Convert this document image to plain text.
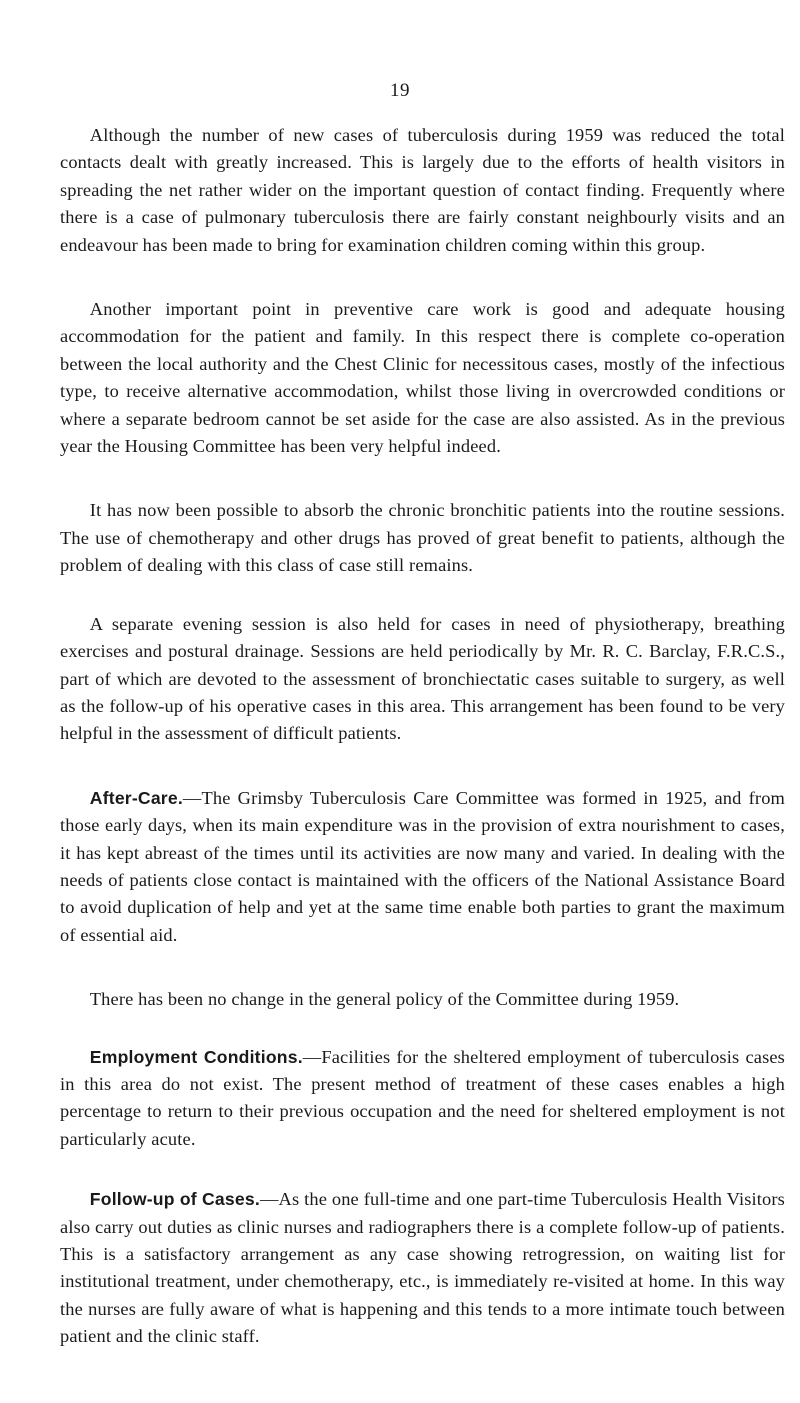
19

Although the number of new cases of tuberculosis during 1959 was reduced the total contacts dealt with greatly increased. This is largely due to the efforts of health visitors in spreading the net rather wider on the important question of contact finding. Frequently where there is a case of pulmonary tuberculosis there are fairly constant neighbourly visits and an endeavour has been made to bring for examination children coming within this group.

Another important point in preventive care work is good and adequate housing accommodation for the patient and family. In this respect there is complete co-operation between the local authority and the Chest Clinic for necessitous cases, mostly of the infectious type, to receive alternative accommodation, whilst those living in overcrowded conditions or where a separate bedroom cannot be set aside for the case are also assisted. As in the previous year the Housing Committee has been very helpful indeed.

It has now been possible to absorb the chronic bronchitic patients into the routine sessions. The use of chemotherapy and other drugs has proved of great benefit to patients, although the problem of dealing with this class of case still remains.

A separate evening session is also held for cases in need of physiotherapy, breathing exercises and postural drainage. Sessions are held periodically by Mr. R. C. Barclay, F.R.C.S., part of which are devoted to the assessment of bronchiectatic cases suitable to surgery, as well as the follow-up of his operative cases in this area. This arrangement has been found to be very helpful in the assessment of difficult patients.

After-Care.—The Grimsby Tuberculosis Care Committee was formed in 1925, and from those early days, when its main expenditure was in the provision of extra nourishment to cases, it has kept abreast of the times until its activities are now many and varied. In dealing with the needs of patients close contact is maintained with the officers of the National Assistance Board to avoid duplication of help and yet at the same time enable both parties to grant the maximum of essential aid.

There has been no change in the general policy of the Committee during 1959.

Employment Conditions.—Facilities for the sheltered employment of tuberculosis cases in this area do not exist. The present method of treatment of these cases enables a high percentage to return to their previous occupation and the need for sheltered employment is not particularly acute.

Follow-up of Cases.—As the one full-time and one part-time Tuberculosis Health Visitors also carry out duties as clinic nurses and radiographers there is a complete follow-up of patients. This is a satisfactory arrangement as any case showing retrogression, on waiting list for institutional treatment, under chemotherapy, etc., is immediately re-visited at home. In this way the nurses are fully aware of what is happening and this tends to a more intimate touch between patient and the clinic staff.
